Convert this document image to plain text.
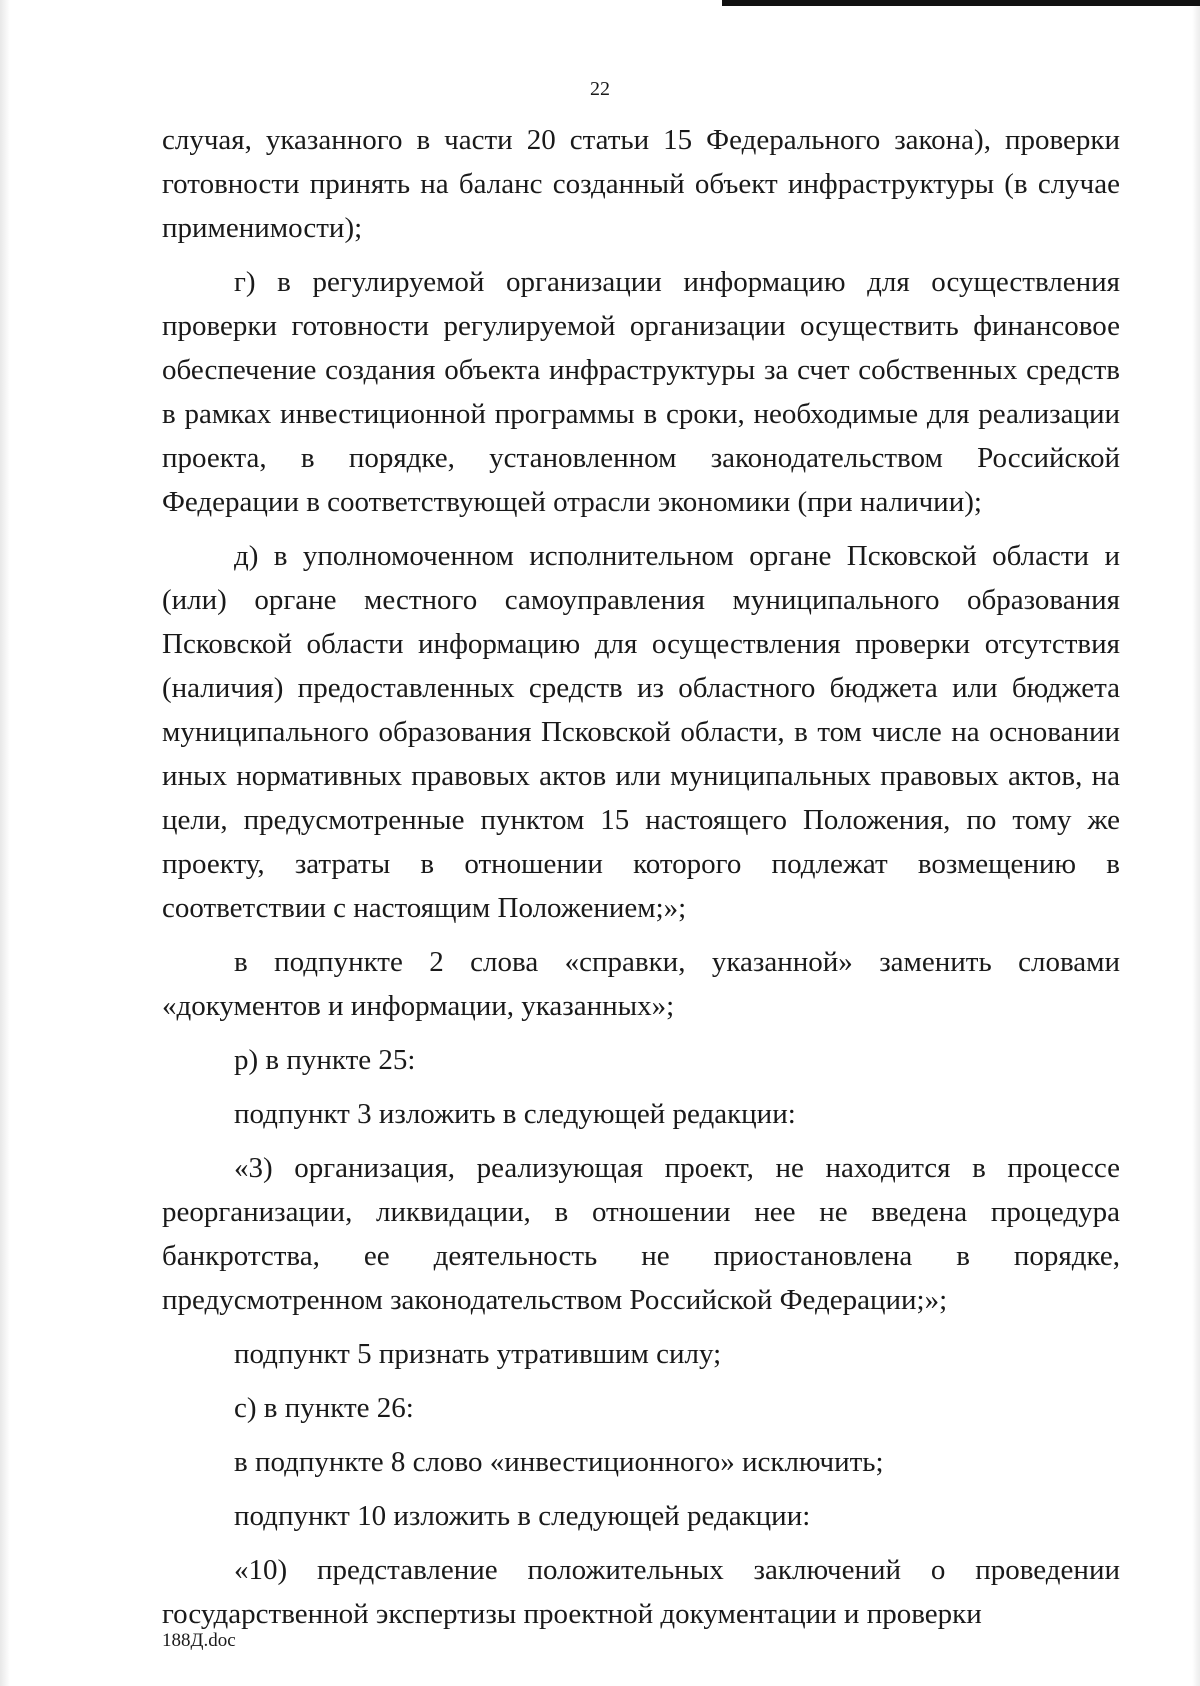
22

случая, указанного в части 20 статьи 15 Федерального закона), проверки готовности принять на баланс созданный объект инфраструктуры (в случае применимости);

г) в регулируемой организации информацию для осуществления проверки готовности регулируемой организации осуществить финансовое обеспечение создания объекта инфраструктуры за счет собственных средств в рамках инвестиционной программы в сроки, необходимые для реализации проекта, в порядке, установленном законодательством Российской Федерации в соответствующей отрасли экономики (при наличии);

д) в уполномоченном исполнительном органе Псковской области и (или) органе местного самоуправления муниципального образования Псковской области информацию для осуществления проверки отсутствия (наличия) предоставленных средств из областного бюджета или бюджета муниципального образования Псковской области, в том числе на основании иных нормативных правовых актов или муниципальных правовых актов, на цели, предусмотренные пунктом 15 настоящего Положения, по тому же проекту, затраты в отношении которого подлежат возмещению в соответствии с настоящим Положением;»;

в подпункте 2 слова «справки, указанной» заменить словами «документов и информации, указанных»;

р) в пункте 25:

подпункт 3 изложить в следующей редакции:

«3) организация, реализующая проект, не находится в процессе реорганизации, ликвидации, в отношении нее не введена процедура банкротства, ее деятельность не приостановлена в порядке, предусмотренном законодательством Российской Федерации;»;

подпункт 5 признать утратившим силу;

с) в пункте 26:

в подпункте 8 слово «инвестиционного» исключить;

подпункт 10 изложить в следующей редакции:

«10) представление положительных заключений о проведении государственной экспертизы проектной документации и проверки

188Д.doc
